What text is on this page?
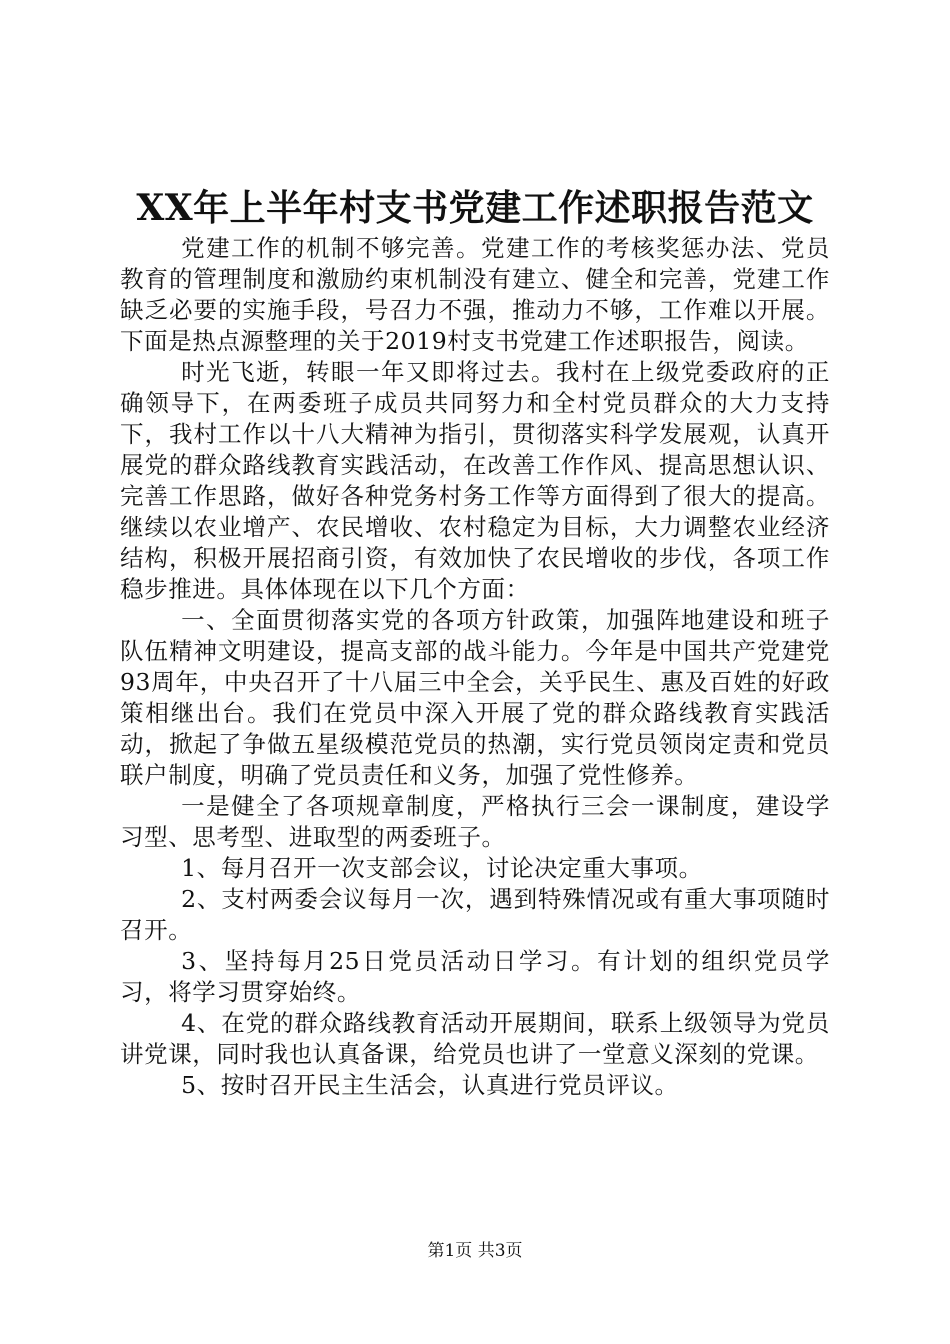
XX年上半年村支书党建工作述职报告范文

党建工作的机制不够完善。党建工作的考核奖惩办法、党员教育的管理制度和激励约束机制没有建立、健全和完善，党建工作缺乏必要的实施手段，号召力不强，推动力不够，工作难以开展。下面是热点源整理的关于2019村支书党建工作述职报告，阅读。

时光飞逝，转眼一年又即将过去。我村在上级党委政府的正确领导下，在两委班子成员共同努力和全村党员群众的大力支持下，我村工作以十八大精神为指引，贯彻落实科学发展观，认真开展党的群众路线教育实践活动，在改善工作作风、提高思想认识、完善工作思路，做好各种党务村务工作等方面得到了很大的提高。继续以农业增产、农民增收、农村稳定为目标，大力调整农业经济结构，积极开展招商引资，有效加快了农民增收的步伐，各项工作稳步推进。具体体现在以下几个方面：

一、全面贯彻落实党的各项方针政策，加强阵地建设和班子队伍精神文明建设，提高支部的战斗能力。今年是中国共产党建党93周年，中央召开了十八届三中全会，关乎民生、惠及百姓的好政策相继出台。我们在党员中深入开展了党的群众路线教育实践活动，掀起了争做五星级模范党员的热潮，实行党员领岗定责和党员联户制度，明确了党员责任和义务，加强了党性修养。

一是健全了各项规章制度，严格执行三会一课制度，建设学习型、思考型、进取型的两委班子。

1、每月召开一次支部会议，讨论决定重大事项。

2、支村两委会议每月一次，遇到特殊情况或有重大事项随时召开。

3、坚持每月25日党员活动日学习。有计划的组织党员学习，将学习贯穿始终。

4、在党的群众路线教育活动开展期间，联系上级领导为党员讲党课，同时我也认真备课，给党员也讲了一堂意义深刻的党课。

5、按时召开民主生活会，认真进行党员评议。

第1页 共3页
